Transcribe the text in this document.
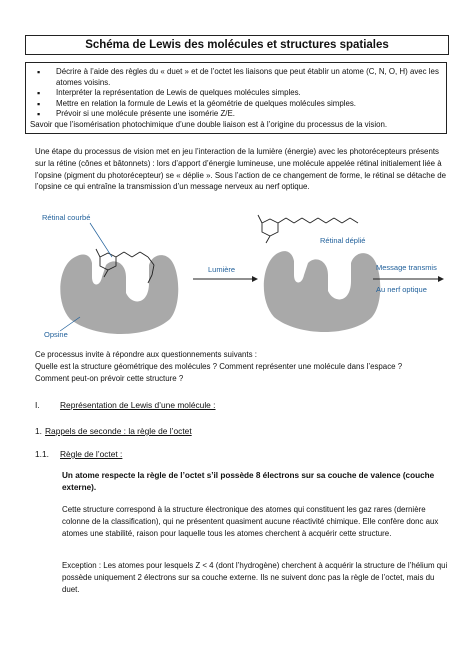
Schéma de Lewis des molécules et structures spatiales
▪ Décrire à l’aide des règles du « duet » et de l’octet les liaisons que peut établir un atome (C, N, O, H) avec les atomes voisins.
▪ Interpréter la représentation de Lewis de quelques molécules simples.
▪ Mettre en relation la formule de Lewis et la géométrie de quelques molécules simples.
▪ Prévoir si une molécule présente une isomérie Z/E.

Savoir que l’isomérisation photochimique d’une double liaison est à l’origine du processus de la vision.

Une étape du processus de vision met en jeu l’interaction de la lumière (énergie) avec les photorécepteurs présents sur la rétine (cônes et bâtonnets) : lors d’apport d’énergie lumineuse, une molécule appelée rétinal initialement liée à l’opsine (pigment du photorécepteur) se « déplie ». Sous l’action de ce changement de forme, le rétinal se détache de l’opsine ce qui entraîne la transmission d’un message nerveux au nerf optique.

Rétinal courbé
Opsine
Lumière
Rétinal déplié
Message transmis
Au nerf optique

Ce processus invite à répondre aux questionnements suivants :
Quelle est la structure géométrique des molécules ? Comment représenter une molécule dans l’espace ?
Comment peut-on prévoir cette structure ?

I. Représentation de Lewis d’une molécule :
1. Rappels de seconde : la règle de l’octet
1.1. Règle de l’octet :
Un atome respecte la règle de l’octet s’il possède 8 électrons sur sa couche de valence (couche externe).

Cette structure correspond à la structure électronique des atomes qui constituent les gaz rares (dernière colonne de la classification), qui ne présentent quasiment aucune réactivité chimique. Elle confère donc aux atomes une stabilité, raison pour laquelle tous les atomes cherchent à acquérir cette structure.

Exception : Les atomes pour lesquels Z < 4 (dont l’hydrogène) cherchent à acquérir la structure de l’hélium qui possède uniquement 2 électrons sur sa couche externe. Ils ne suivent donc pas la règle de l’octet, mais du duet.
